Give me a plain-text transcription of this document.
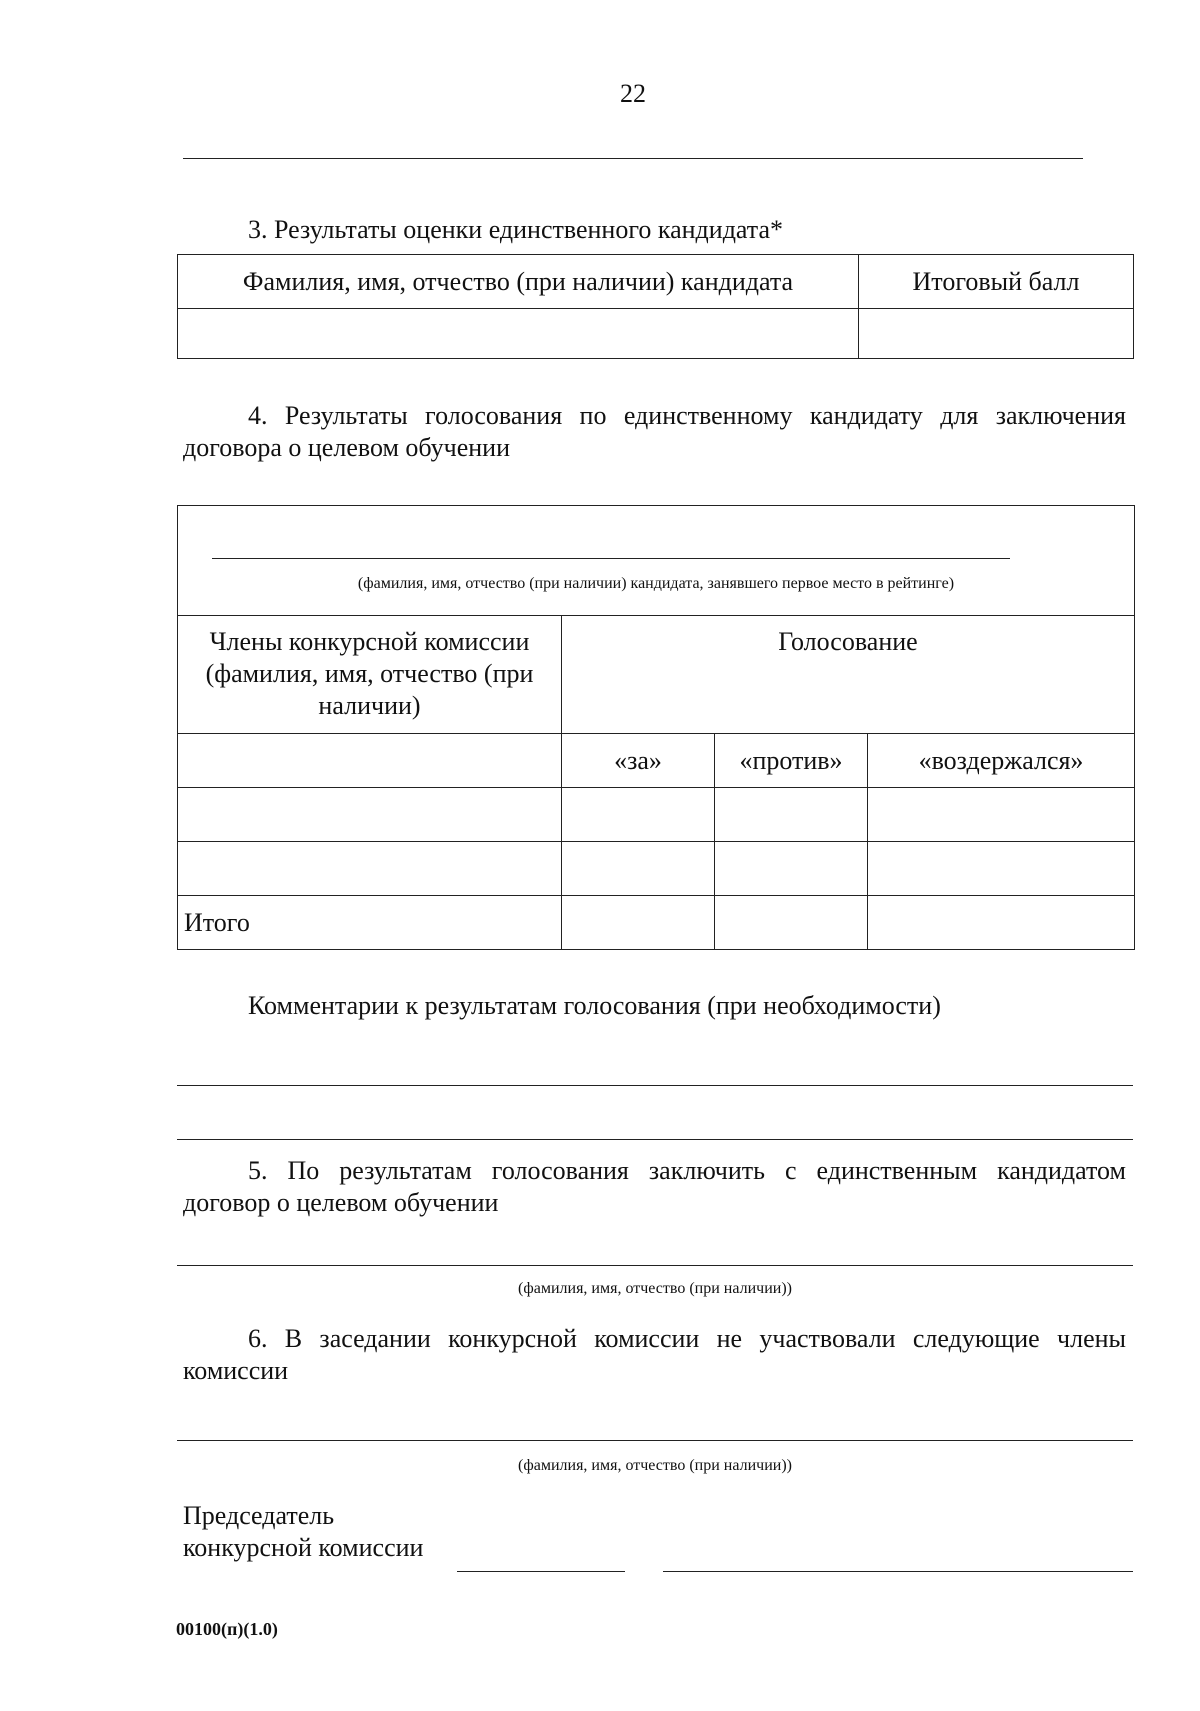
22
3. Результаты оценки единственного кандидата*
Фамилия, имя, отчество (при наличии) кандидата	Итоговый балл

4. Результаты голосования по единственному кандидату для заключения
договора о целевом обучении
(фамилия, имя, отчество (при наличии) кандидата, занявшего первое место в рейтинге)			

Члены конкурсной комиссии (фамилия, имя, отчество (при наличии)	Голосование		
	«за»	«против»	«воздержался»

Итого			
Комментарии к результатам голосования (при необходимости)
5. По результатам голосования заключить с единственным кандидатом
договор о целевом обучении
(фамилия, имя, отчество (при наличии))
6. В заседании конкурсной комиссии не участвовали следующие члены
комиссии
(фамилия, имя, отчество (при наличии))
Председатель
конкурсной комиссии
00100(п)(1.0)
